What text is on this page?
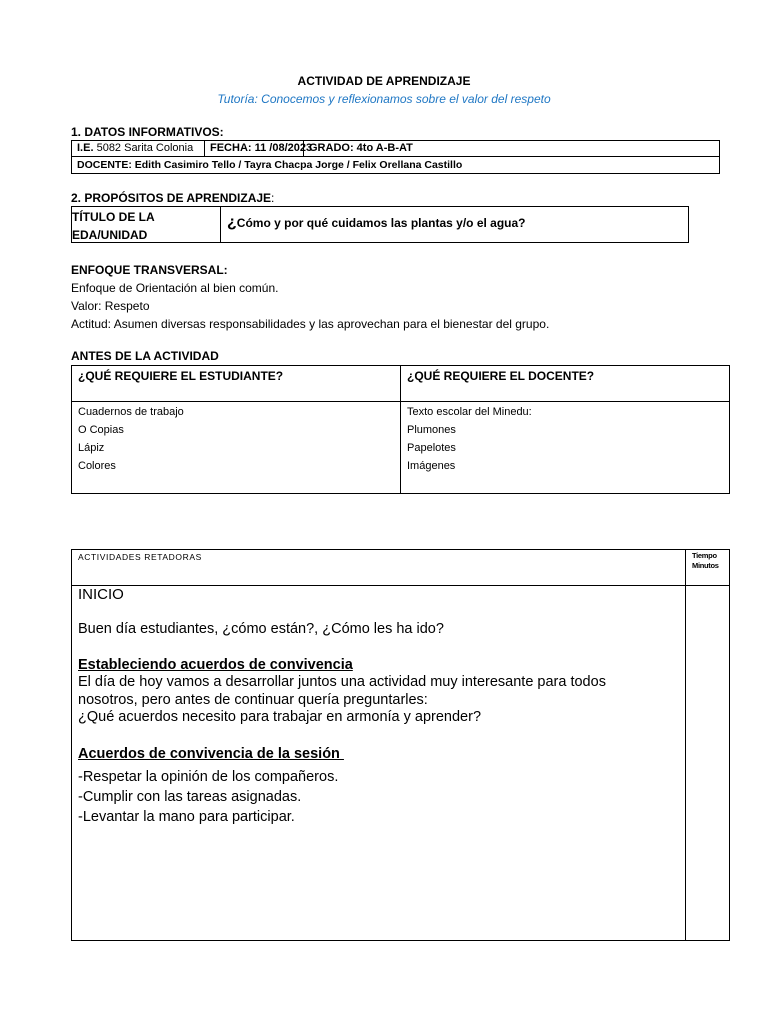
ACTIVIDAD DE APRENDIZAJE
Tutoría: Conocemos y reflexionamos sobre el valor del respeto
1. DATOS INFORMATIVOS:
I.E. 5082 Sarita Colonia FECHA: 11 /08/2023
GRADO: 4to A-B-AT
DOCENTE: Edith Casimiro Tello / Tayra Chacpa Jorge / Felix Orellana Castillo
2. PROPÓSITOS DE APRENDIZAJE:
TÍTULO DE LA
EDA/UNIDAD
¿Cómo y por qué cuidamos las plantas y/o el agua?
ENFOQUE TRANSVERSAL:
Enfoque de Orientación al bien común.
Valor: Respeto
Actitud: Asumen diversas responsabilidades y las aprovechan para el bienestar del grupo.
ANTES DE LA ACTIVIDAD
¿QUÉ REQUIERE EL ESTUDIANTE?	¿QUÉ REQUIERE EL DOCENTE?
Cuadernos de trabajo
O Copias
Lápiz
Colores
Texto escolar del Minedu:
Plumones
Papelotes
Imágenes
ACTIVIDADES RETADORAS	Tiempo
Minutos
INICIO
Buen día estudiantes, ¿cómo están?, ¿Cómo les ha ido?
Estableciendo acuerdos de convivencia
El día de hoy vamos a desarrollar juntos una actividad muy interesante para todos
nosotros, pero antes de continuar quería preguntarles:
¿Qué acuerdos necesito para trabajar en armonía y aprender?
Acuerdos de convivencia de la sesión
-Respetar la opinión de los compañeros.
-Cumplir con las tareas asignadas.
-Levantar la mano para participar.
